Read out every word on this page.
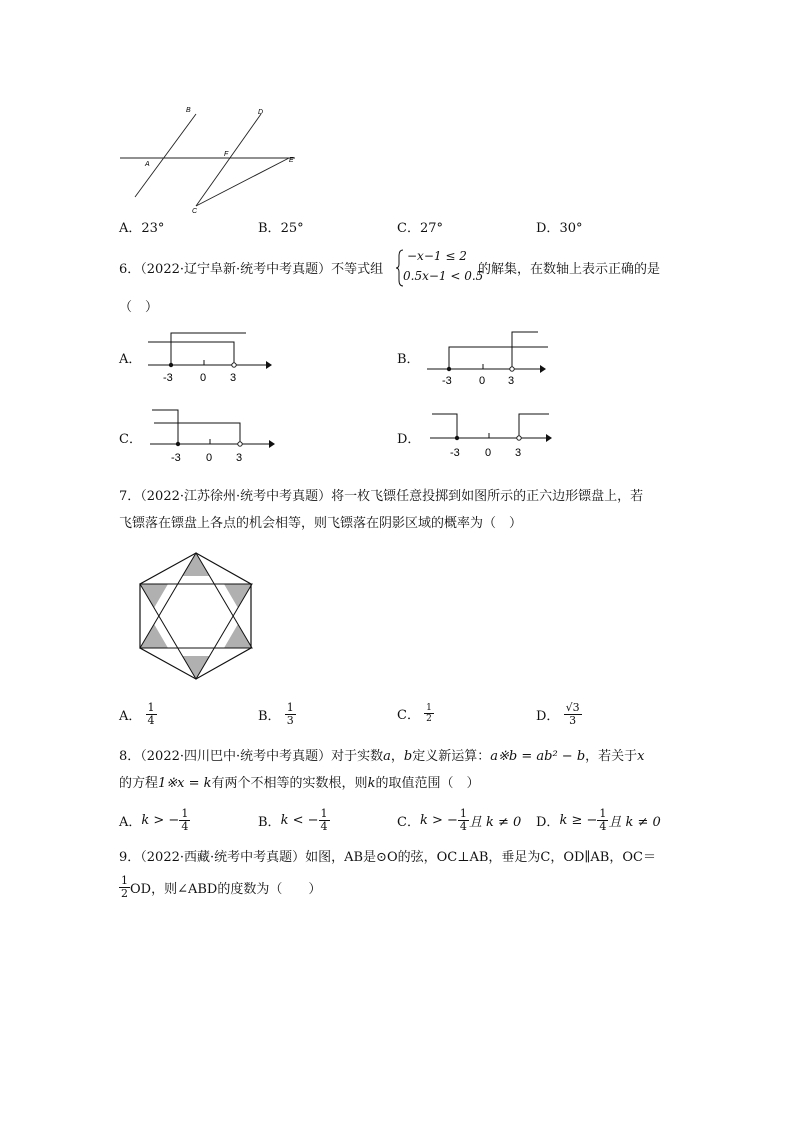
B	D
A
F
E
C
A．23°	B．25°	C．27°	D．30°
6．（2022·辽宁阜新·统考中考真题）不等式组
−x−1 ≤ 2
0.5x−1 < 0.5
的解集，在数轴上表示正确的是
（　）
A．
-3 0 3
B．
-3 0 3
C．
-3 0 3
D．
-3 0 3
7．（2022·江苏徐州·统考中考真题）将一枚飞镖任意投掷到如图所示的正六边形镖盘上，若
飞镖落在镖盘上各点的机会相等，则飞镖落在阴影区域的概率为（　）
A． $\frac{1}{4}$	B． $\frac{1}{3}$	C． $\frac{1}{2}$	D． $\frac{√3}{3}$
8．（2022·四川巴中·统考中考真题）对于实数a，b定义新运算：a※b = ab² − b，若关于x
的方程1※x = k有两个不相等的实数根，则k的取值范围（　）
A．k > − $\frac{1}{4}$	B．k < − $\frac{1}{4}$	C．k > − $\frac{1}{4}$ 且 k ≠ 0 D．k ≥ − $\frac{1}{4}$ 且 k ≠ 0
9．（2022·西藏·统考中考真题）如图，AB是⊙O的弦，OC⊥AB，垂足为C，OD∥AB，OC＝
$\frac{1}{2}$ OD，则∠ABD的度数为（　　）
